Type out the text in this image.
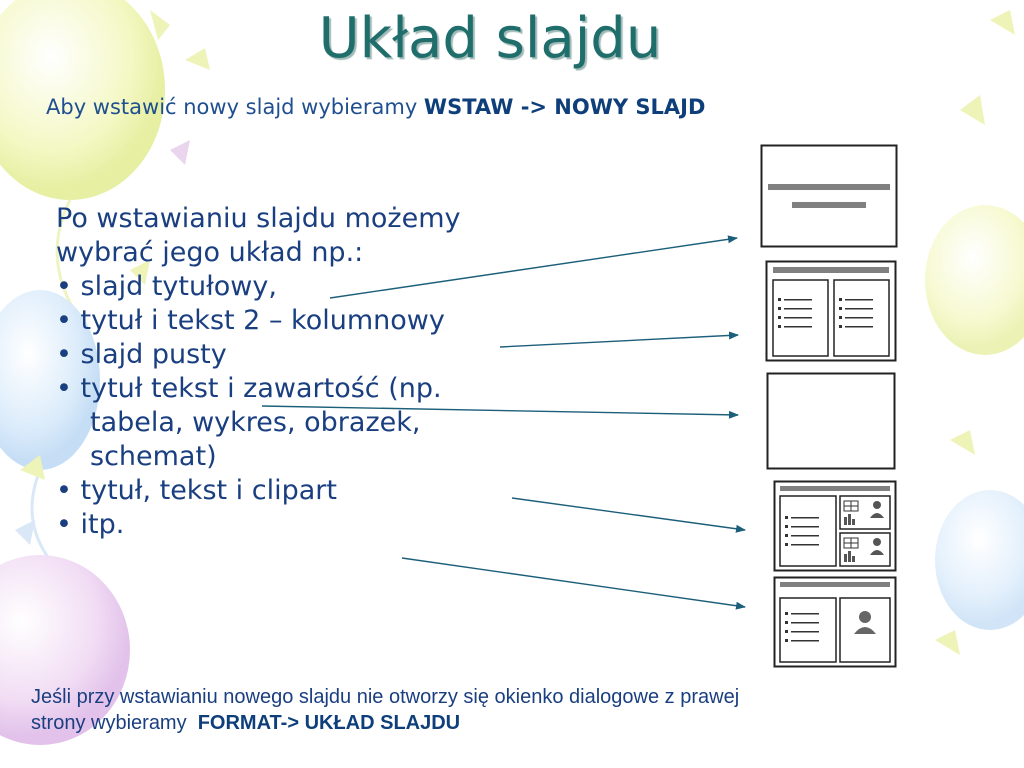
Układ slajdu
Aby wstawić nowy slajd wybieramy WSTAW -> NOWY SLAJD
Po wstawianiu slajdu możemy
wybrać jego układ np.:
• slajd tytułowy,
• tytuł i tekst 2 – kolumnowy
• slajd pusty
• tytuł tekst i zawartość (np.
tabela, wykres, obrazek,
schemat)
• tytuł, tekst i clipart
• itp.
Jeśli przy wstawianiu nowego slajdu nie otworzy się okienko dialogowe z prawej
strony wybieramy  FORMAT-> UKŁAD SLAJDU
